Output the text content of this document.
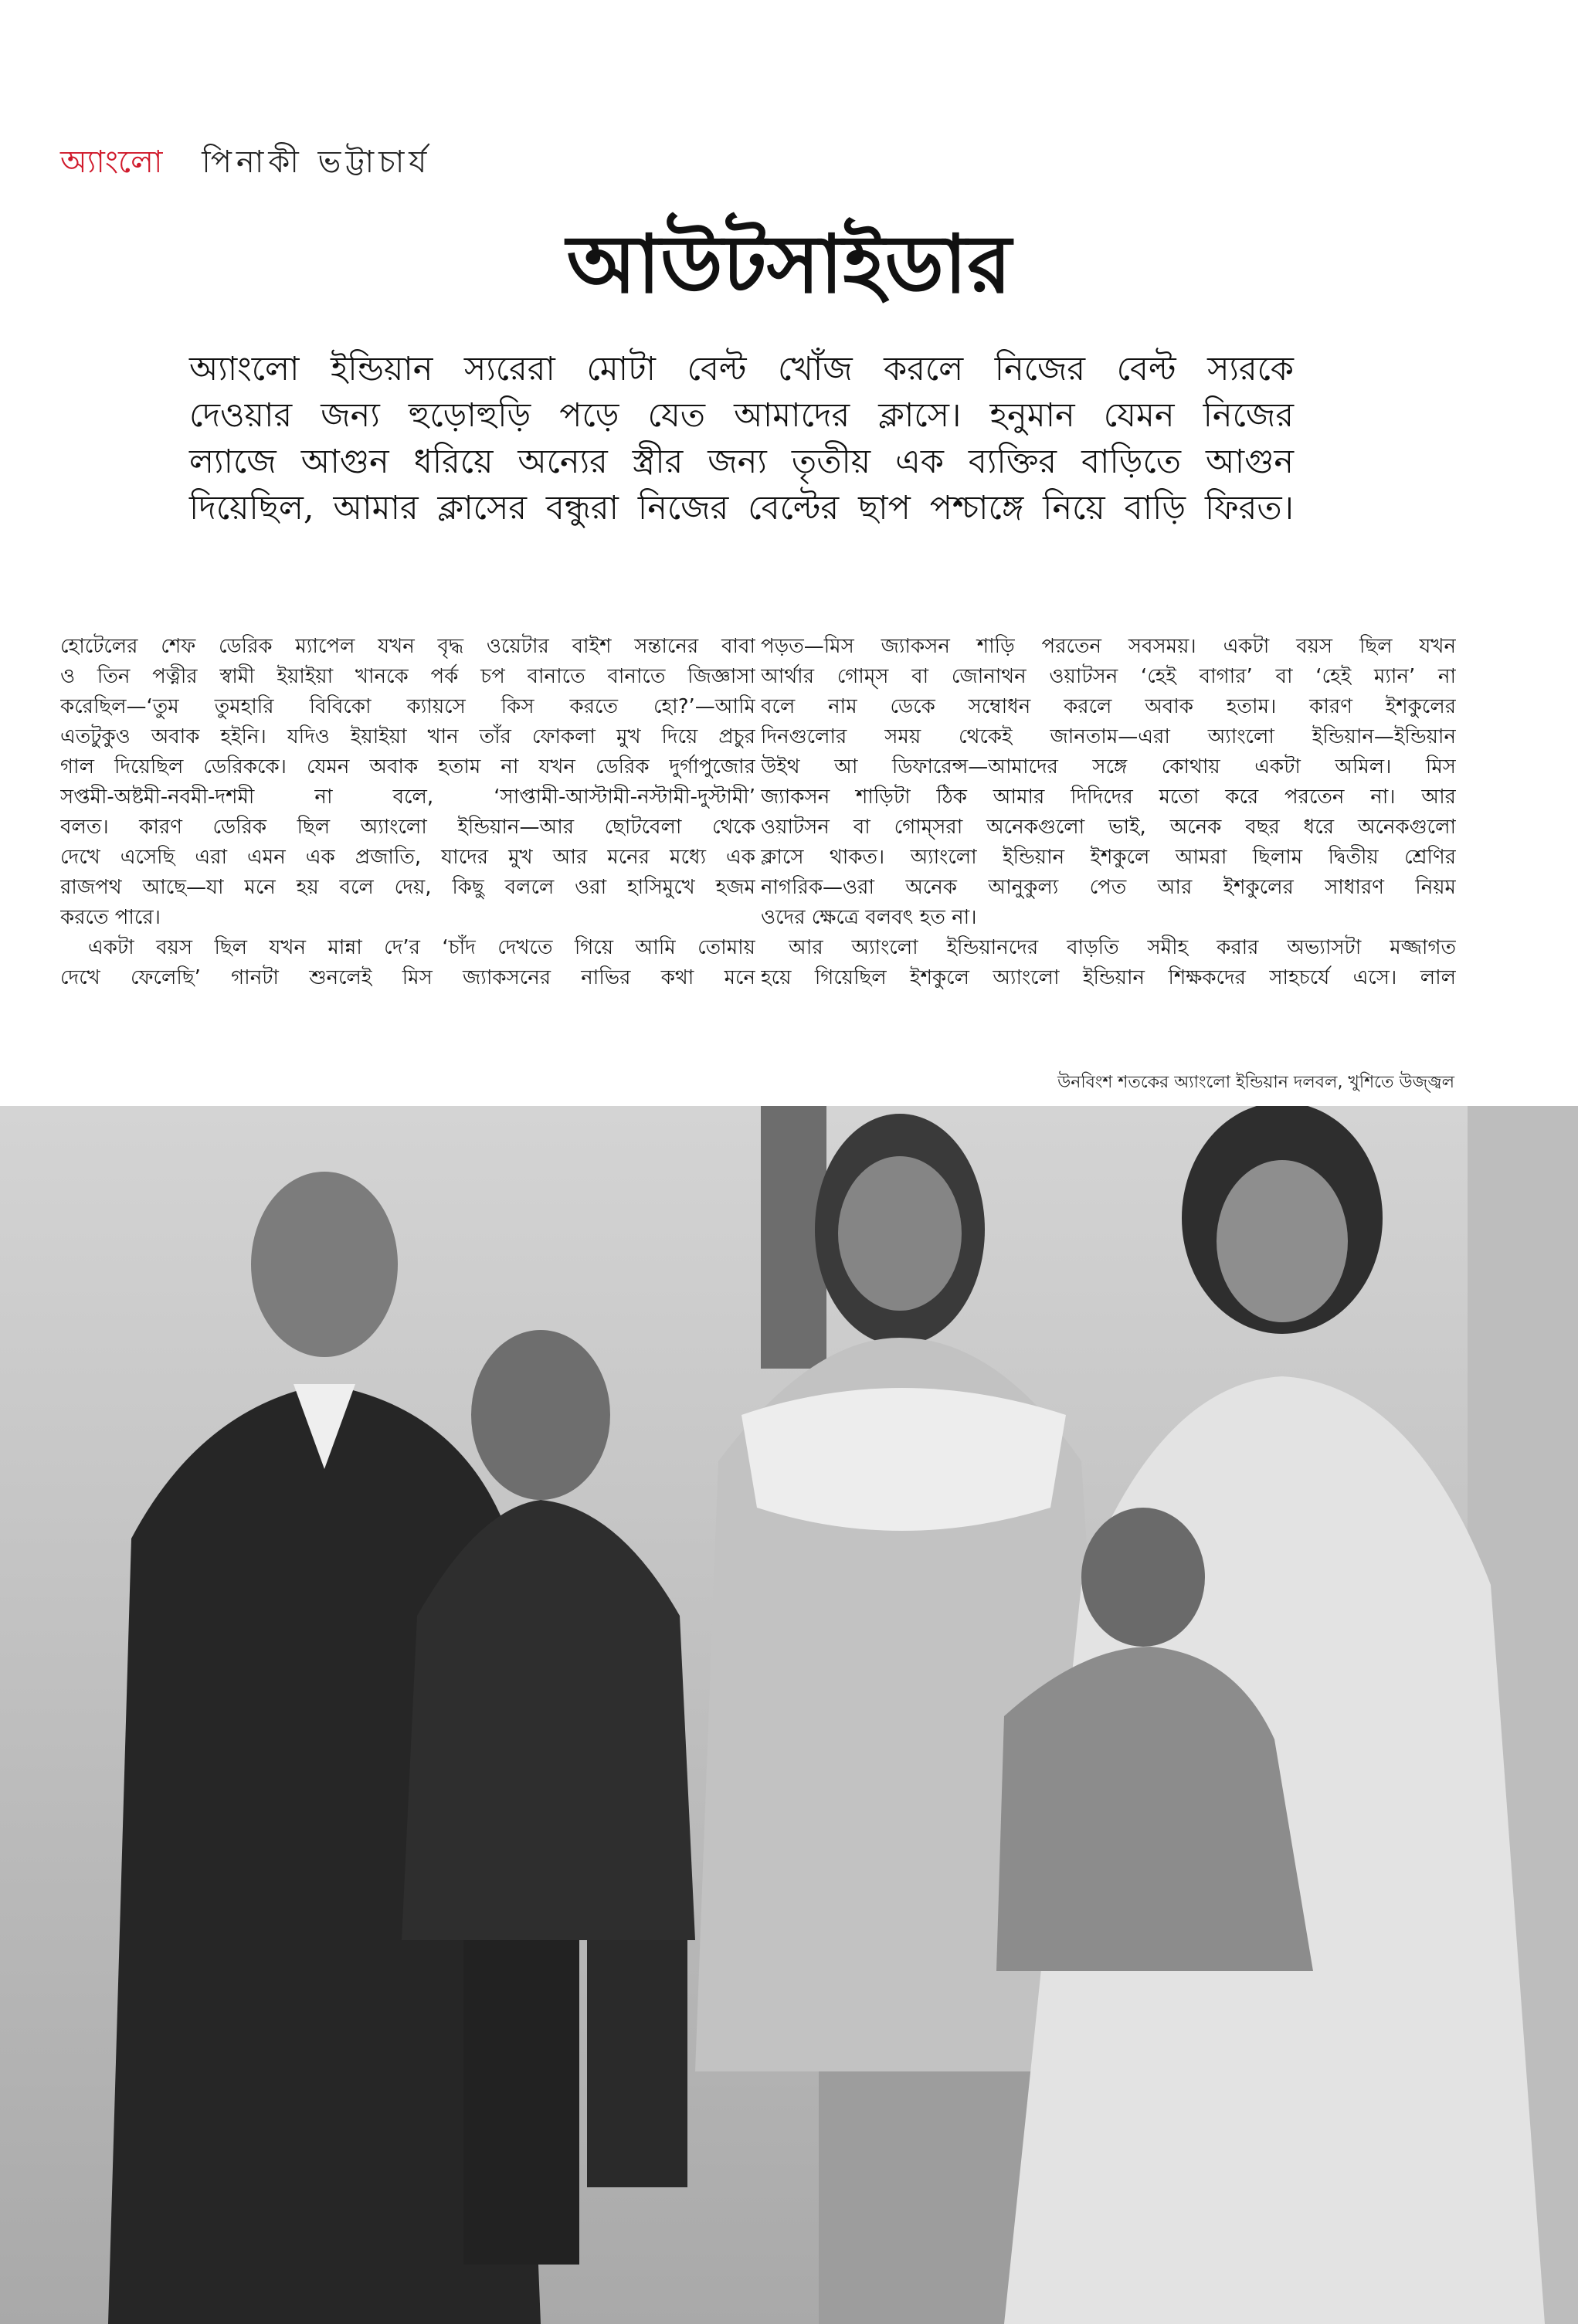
অ্যাংলো পিনাকী ভট্টাচার্য
আউটসাইডার
অ্যাংলো ইন্ডিয়ান স্যরেরা মোটা বেল্ট খোঁজ করলে নিজের বেল্ট স্যরকে
দেওয়ার জন্য হুড়োহুড়ি পড়ে যেত আমাদের ক্লাসে। হনুমান যেমন নিজের
ল্যাজে আগুন ধরিয়ে অন্যের স্ত্রীর জন্য তৃতীয় এক ব্যক্তির বাড়িতে আগুন
দিয়েছিল, আমার ক্লাসের বন্ধুরা নিজের বেল্টের ছাপ পশ্চাঙ্গে নিয়ে বাড়ি ফিরত।
হোটেলের শেফ ডেরিক ম্যাপেল যখন বৃদ্ধ ওয়েটার বাইশ সন্তানের বাবা
ও তিন পত্নীর স্বামী ইয়াইয়া খানকে পর্ক চপ বানাতে বানাতে জিজ্ঞাসা
করেছিল—‘তুম তুমহারি বিবিকো ক্যায়সে কিস করতে হো?’—আমি
এতটুকুও অবাক হইনি। যদিও ইয়াইয়া খান তাঁর ফোকলা মুখ দিয়ে প্রচুর
গাল দিয়েছিল ডেরিককে। যেমন অবাক হতাম না যখন ডেরিক দুর্গাপুজোর
সপ্তমী-অষ্টমী-নবমী-দশমী না বলে, ‘সাপ্তামী-আস্টামী-নস্টামী-দুস্টামী’
বলত। কারণ ডেরিক ছিল অ্যাংলো ইন্ডিয়ান—আর ছোটবেলা থেকে
দেখে এসেছি এরা এমন এক প্রজাতি, যাদের মুখ আর মনের মধ্যে এক
রাজপথ আছে—যা মনে হয় বলে দেয়, কিছু বললে ওরা হাসিমুখে হজম
করতে পারে।
একটা বয়স ছিল যখন মান্না দে’র ‘চাঁদ দেখতে গিয়ে আমি তোমায়
দেখে ফেলেছি’ গানটা শুনলেই মিস জ্যাকসনের নাভির কথা মনে
পড়ত—মিস জ্যাকসন শাড়ি পরতেন সবসময়। একটা বয়স ছিল যখন
আর্থার গোম্‌স বা জোনাথন ওয়াটসন ‘হেই বাগার’ বা ‘হেই ম্যান’ না
বলে নাম ডেকে সম্বোধন করলে অবাক হতাম। কারণ ইশকুলের
দিনগুলোর সময় থেকেই জানতাম—এরা অ্যাংলো ইন্ডিয়ান—ইন্ডিয়ান
উইথ আ ডিফারেন্স—আমাদের সঙ্গে কোথায় একটা অমিল। মিস
জ্যাকসন শাড়িটা ঠিক আমার দিদিদের মতো করে পরতেন না। আর
ওয়াটসন বা গোম্‌সরা অনেকগুলো ভাই, অনেক বছর ধরে অনেকগুলো
ক্লাসে থাকত। অ্যাংলো ইন্ডিয়ান ইশকুলে আমরা ছিলাম দ্বিতীয় শ্রেণির
নাগরিক—ওরা অনেক আনুকুল্য পেত আর ইশকুলের সাধারণ নিয়ম
ওদের ক্ষেত্রে বলবৎ হত না।
আর অ্যাংলো ইন্ডিয়ানদের বাড়তি সমীহ করার অভ্যাসটা মজ্জাগত
হয়ে গিয়েছিল ইশকুলে অ্যাংলো ইন্ডিয়ান শিক্ষকদের সাহচর্যে এসে। লাল
উনবিংশ শতকের অ্যাংলো ইন্ডিয়ান দলবল, খুশিতে উজ্জ্বল
